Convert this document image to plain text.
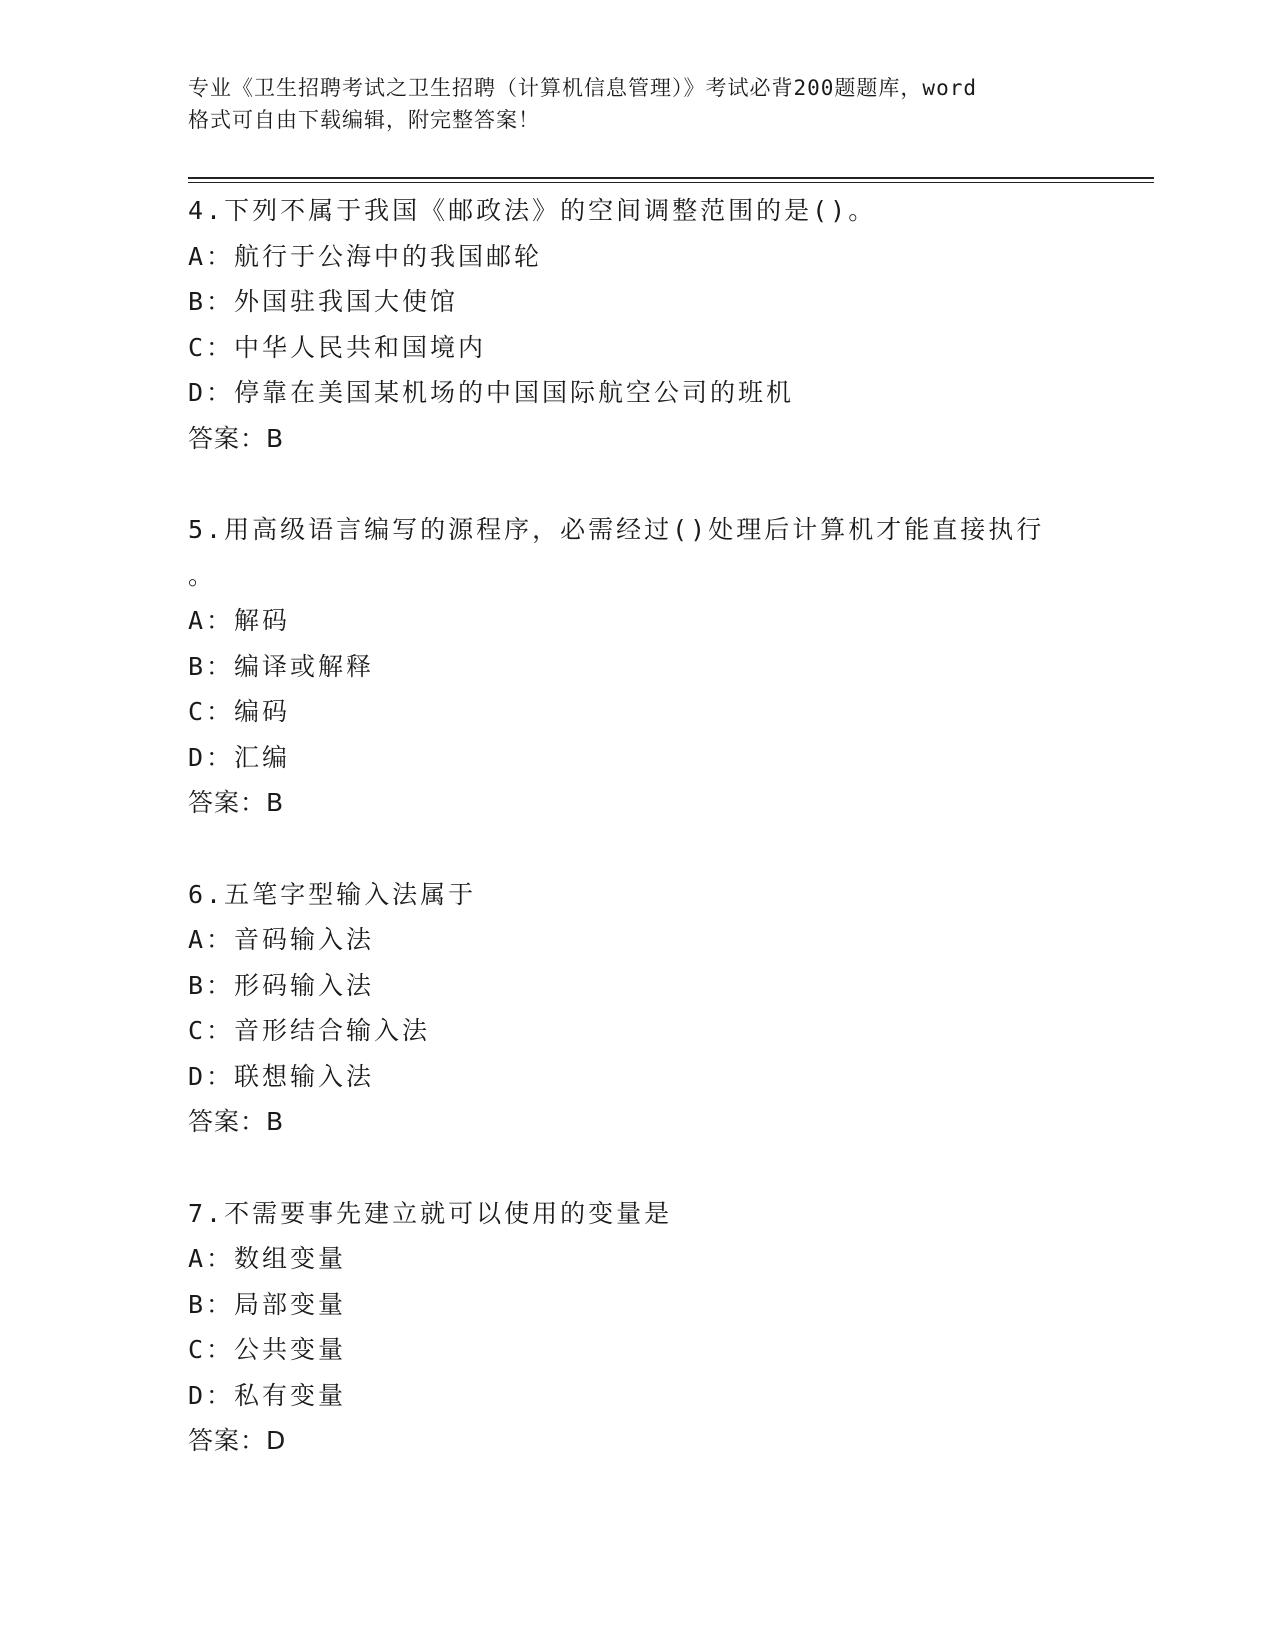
专业《卫生招聘考试之卫生招聘（计算机信息管理）》考试必背200题题库，word
格式可自由下载编辑，附完整答案！
4.下列不属于我国《邮政法》的空间调整范围的是()。
A：航行于公海中的我国邮轮
B：外国驻我国大使馆
C：中华人民共和国境内
D：停靠在美国某机场的中国国际航空公司的班机
答案：B
5.用高级语言编写的源程序，必需经过()处理后计算机才能直接执行
。
A：解码
B：编译或解释
C：编码
D：汇编
答案：B
6.五笔字型输入法属于
A：音码输入法
B：形码输入法
C：音形结合输入法
D：联想输入法
答案：B
7.不需要事先建立就可以使用的变量是
A：数组变量
B：局部变量
C：公共变量
D：私有变量
答案：D
